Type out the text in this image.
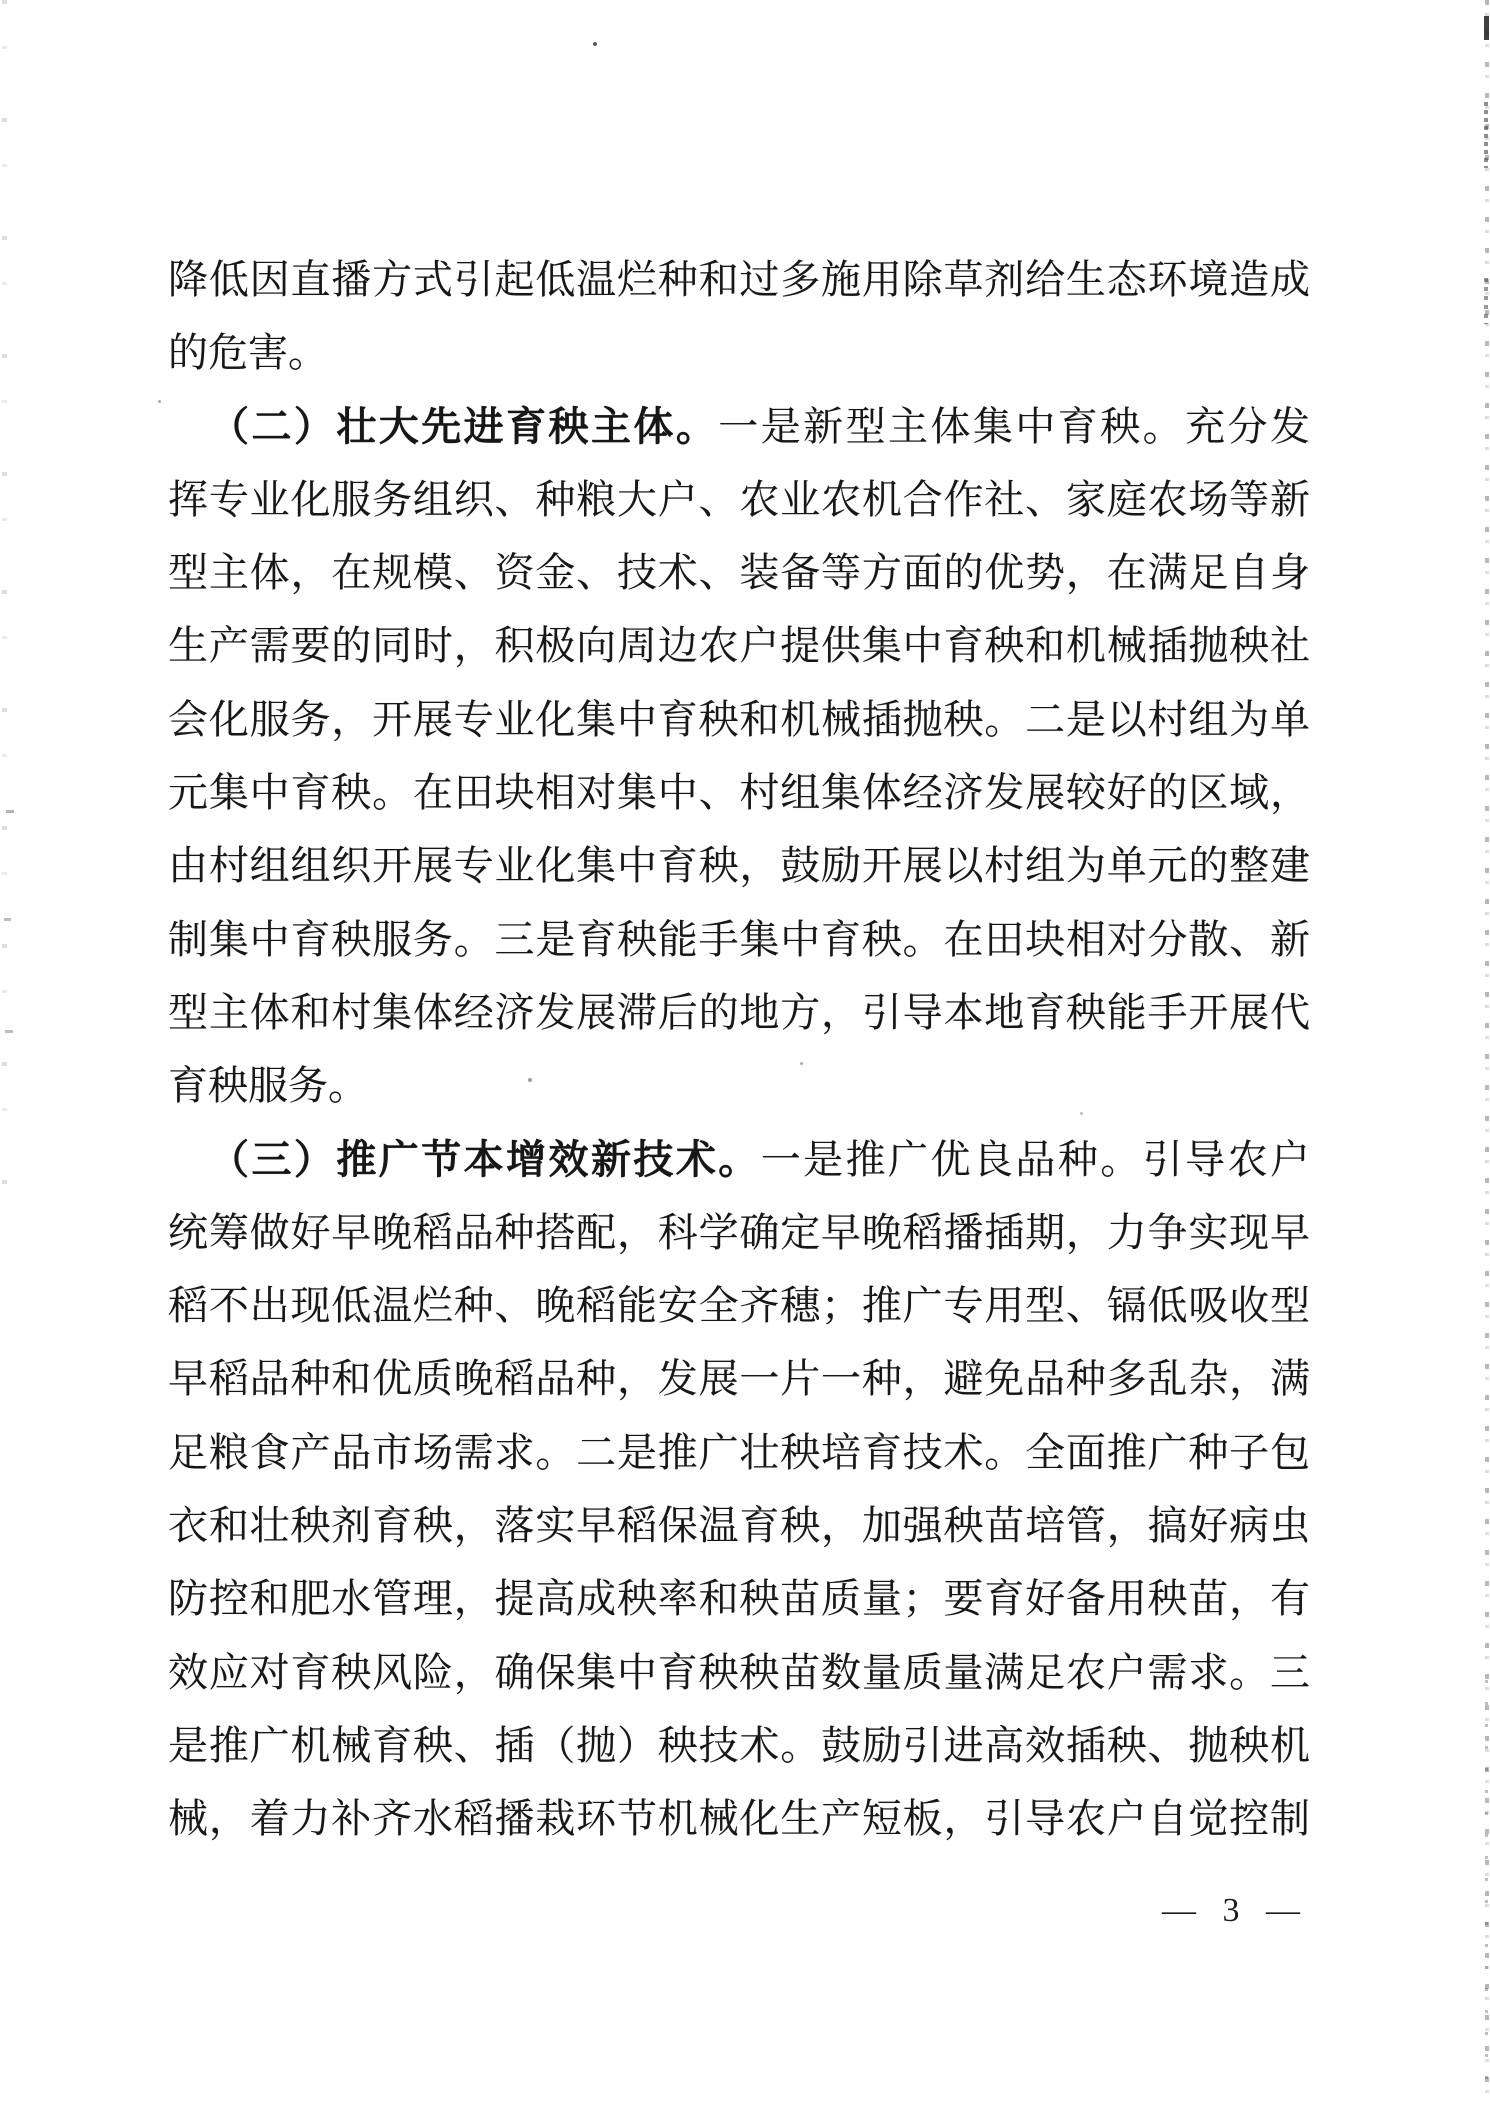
降低因直播方式引起低温烂种和过多施用除草剂给生态环境造成
的危害。
（二）壮大先进育秧主体。一是新型主体集中育秧。充分发
挥专业化服务组织、种粮大户、农业农机合作社、家庭农场等新
型主体，在规模、资金、技术、装备等方面的优势，在满足自身
生产需要的同时，积极向周边农户提供集中育秧和机械插抛秧社
会化服务，开展专业化集中育秧和机械插抛秧。二是以村组为单
元集中育秧。在田块相对集中、村组集体经济发展较好的区域，
由村组组织开展专业化集中育秧，鼓励开展以村组为单元的整建
制集中育秧服务。三是育秧能手集中育秧。在田块相对分散、新
型主体和村集体经济发展滞后的地方，引导本地育秧能手开展代
育秧服务。
（三）推广节本增效新技术。一是推广优良品种。引导农户
统筹做好早晚稻品种搭配，科学确定早晚稻播插期，力争实现早
稻不出现低温烂种、晚稻能安全齐穗；推广专用型、镉低吸收型
早稻品种和优质晚稻品种，发展一片一种，避免品种多乱杂，满
足粮食产品市场需求。二是推广壮秧培育技术。全面推广种子包
衣和壮秧剂育秧，落实早稻保温育秧，加强秧苗培管，搞好病虫
防控和肥水管理，提高成秧率和秧苗质量；要育好备用秧苗，有
效应对育秧风险，确保集中育秧秧苗数量质量满足农户需求。三
是推广机械育秧、插（抛）秧技术。鼓励引进高效插秧、抛秧机
械，着力补齐水稻播栽环节机械化生产短板，引导农户自觉控制
— 3 —
